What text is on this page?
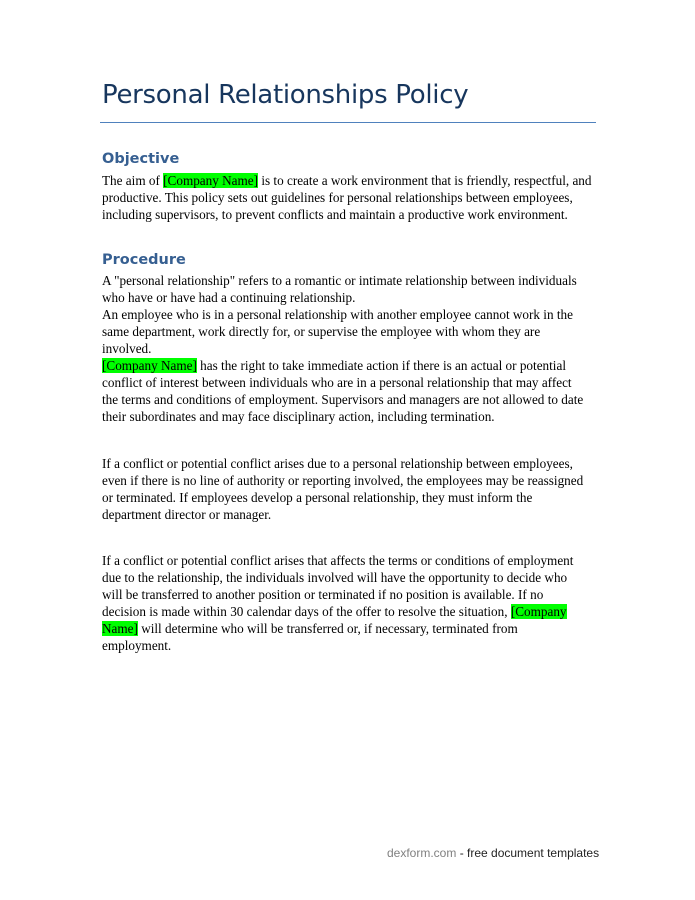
Personal Relationships Policy
Objective
The aim of [Company Name] is to create a work environment that is friendly, respectful, and
productive. This policy sets out guidelines for personal relationships between employees,
including supervisors, to prevent conflicts and maintain a productive work environment.
Procedure
A "personal relationship" refers to a romantic or intimate relationship between individuals
who have or have had a continuing relationship.
An employee who is in a personal relationship with another employee cannot work in the
same department, work directly for, or supervise the employee with whom they are
involved.
[Company Name] has the right to take immediate action if there is an actual or potential
conflict of interest between individuals who are in a personal relationship that may affect
the terms and conditions of employment. Supervisors and managers are not allowed to date
their subordinates and may face disciplinary action, including termination.
If a conflict or potential conflict arises due to a personal relationship between employees,
even if there is no line of authority or reporting involved, the employees may be reassigned
or terminated. If employees develop a personal relationship, they must inform the
department director or manager.
If a conflict or potential conflict arises that affects the terms or conditions of employment
due to the relationship, the individuals involved will have the opportunity to decide who
will be transferred to another position or terminated if no position is available. If no
decision is made within 30 calendar days of the offer to resolve the situation, [Company
Name] will determine who will be transferred or, if necessary, terminated from
employment.
dexform.com - free document templates
